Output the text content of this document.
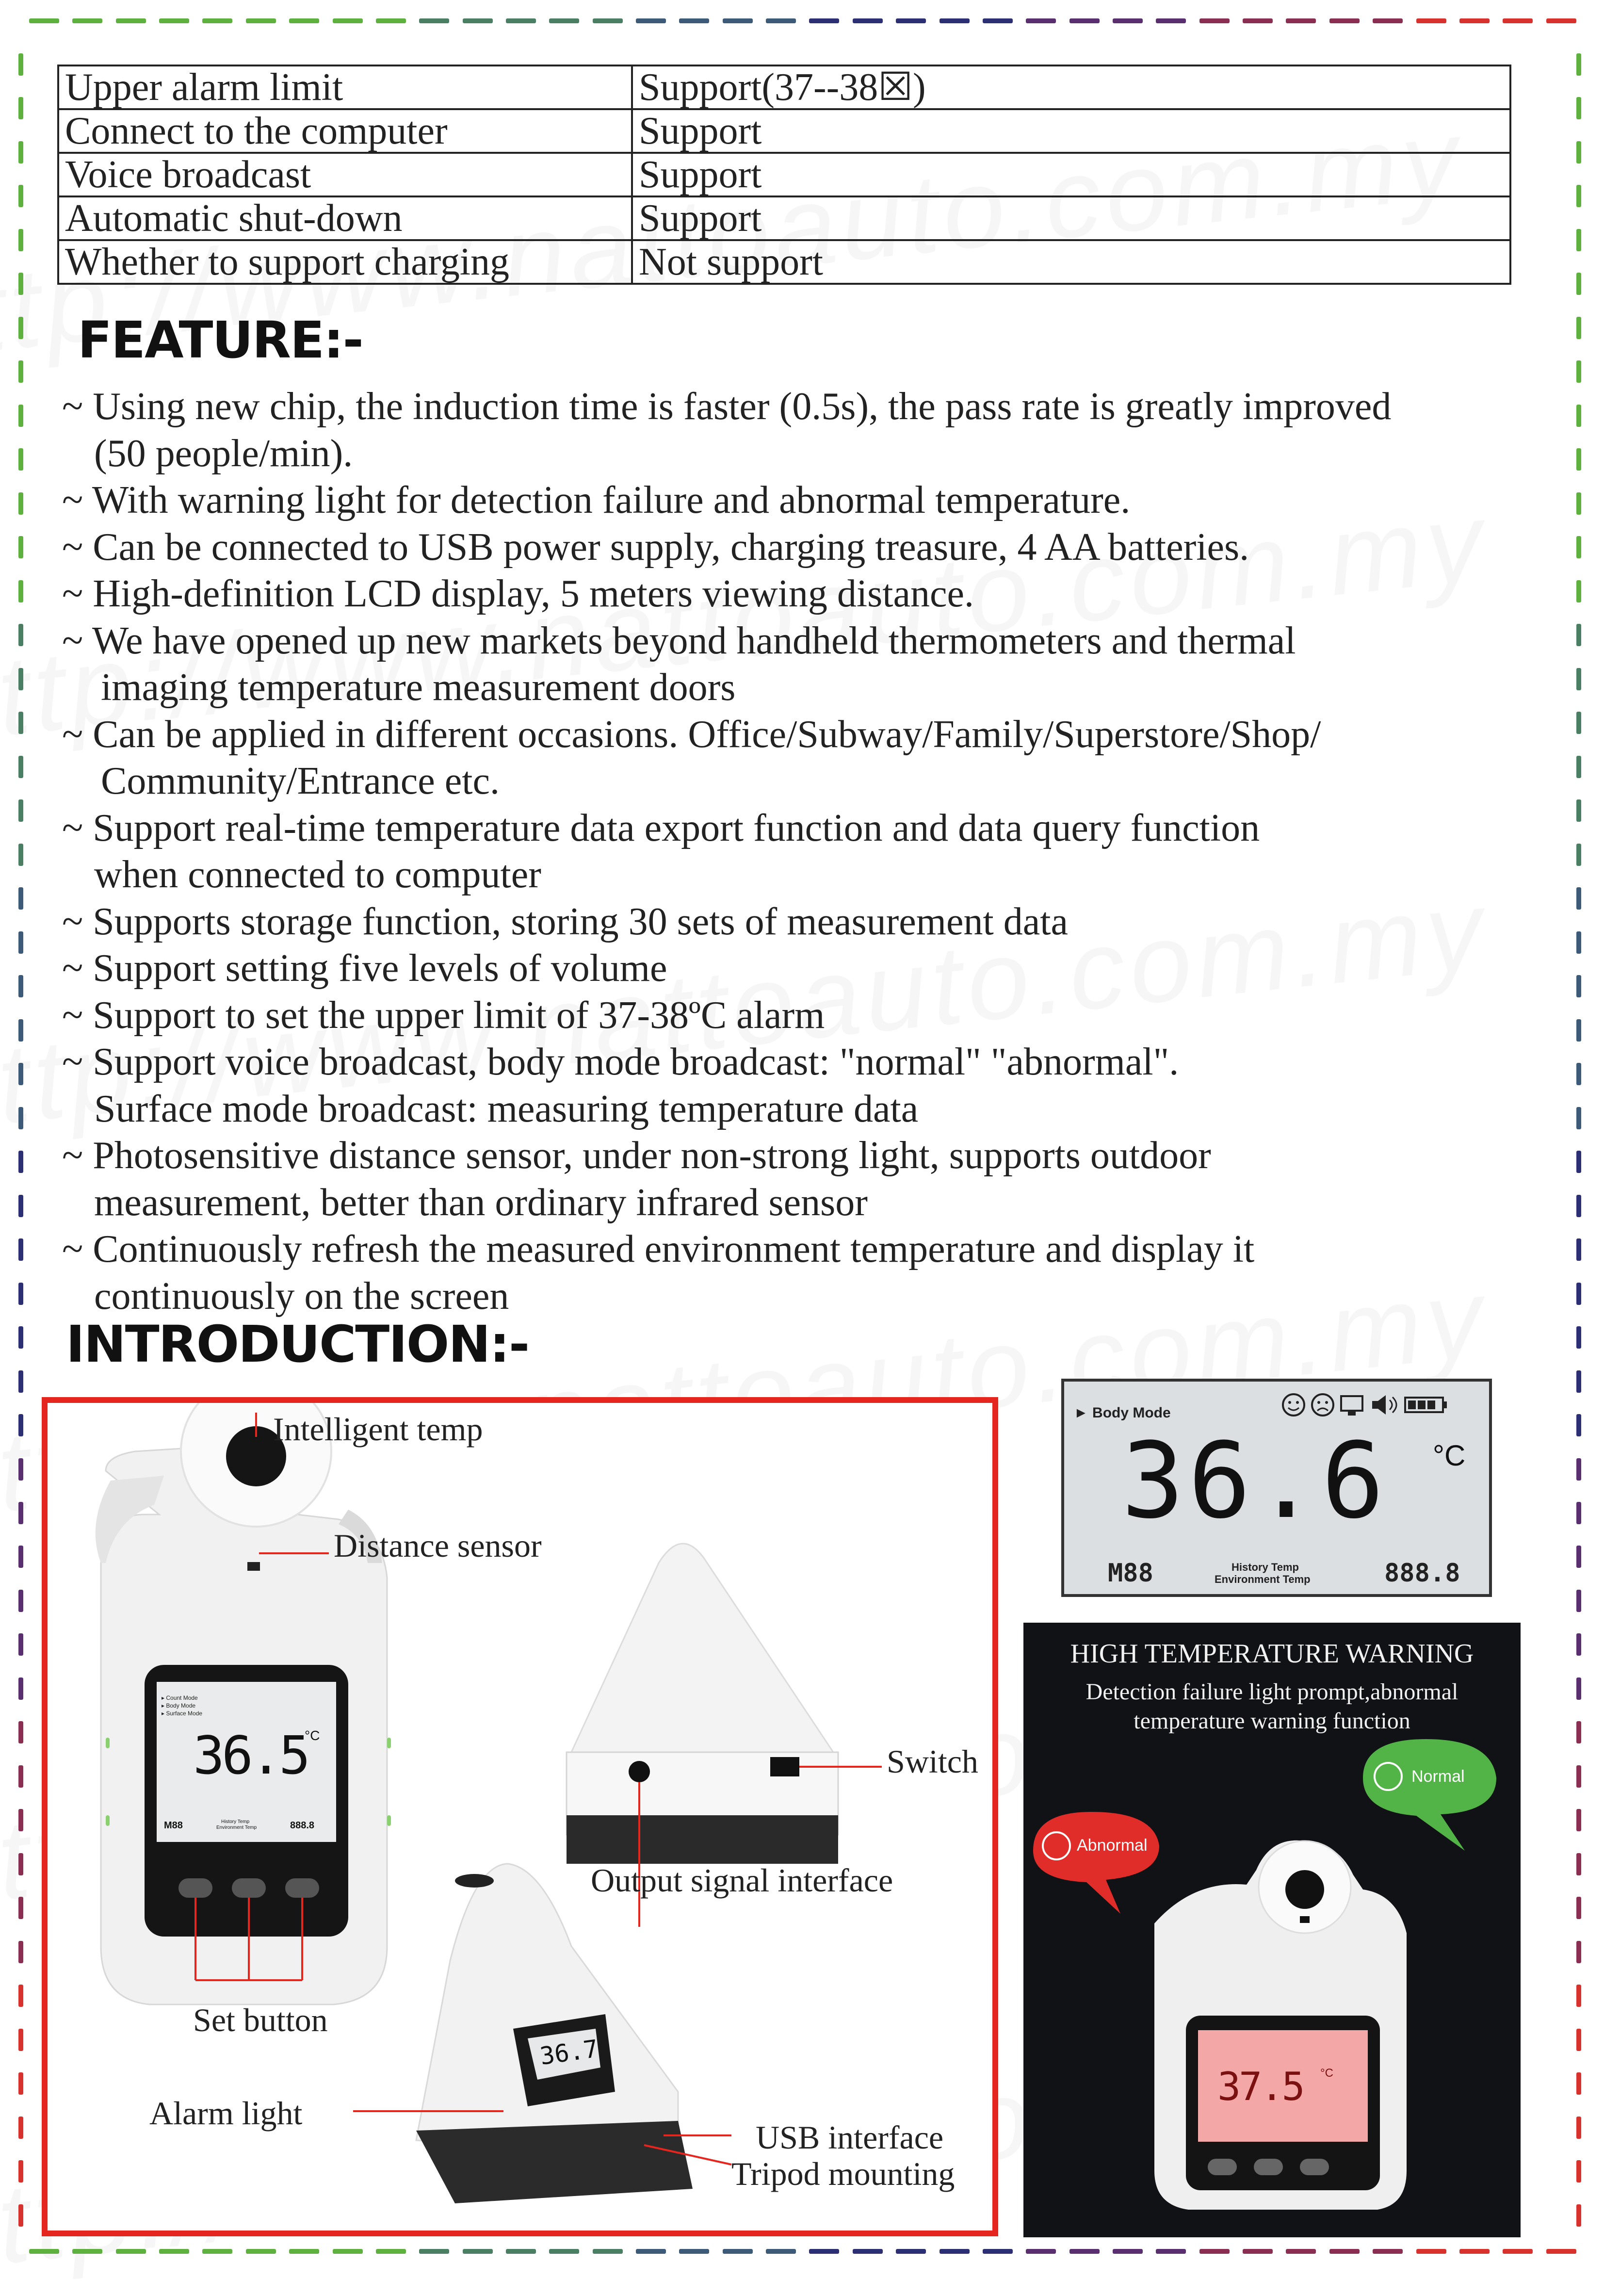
Upper alarm limit	Support(37--38☒)
Connect to the computer	Support
Voice broadcast	Support
Automatic shut-down	Support
Whether to support charging	Not support
FEATURE:-
~ Using new chip, the induction time is faster (0.5s), the pass rate is greatly improved
(50 people/min).
~ With warning light for detection failure and abnormal temperature.
~ Can be connected to USB power supply, charging treasure, 4 AA batteries.
~ High-definition LCD display, 5 meters viewing distance.
~ We have opened up new markets beyond handheld thermometers and thermal
imaging temperature measurement doors
~ Can be applied in different occasions. Office/Subway/Family/Superstore/Shop/
Community/Entrance etc.
~ Support real-time temperature data export function and data query function
when connected to computer
~ Supports storage function, storing 30 sets of measurement data
~ Support setting five levels of volume
~ Support to set the upper limit of 37-38ºC alarm
~ Support voice broadcast, body mode broadcast: "normal" "abnormal".
Surface mode broadcast: measuring temperature data
~ Photosensitive distance sensor, under non-strong light, supports outdoor
measurement, better than ordinary infrared sensor
~ Continuously refresh the measured environment temperature and display it
continuously on the screen
INTRODUCTION:-
▸ Count Mode
▸ Body Mode
▸ Surface Mode
36.5
°C
M88	History Temp
Environment Temp	888.8
36.7
Intelligent temp
Distance sensor
Switch
Output signal interface
Set button
Alarm light
USB interface
Tripod mounting
► Body Mode
36.6 °C
M88	History Temp
Environment Temp	888.8
HIGH TEMPERATURE WARNING
Detection failure light prompt,abnormal
temperature warning function
Abnormal
Normal
37.5 °C
